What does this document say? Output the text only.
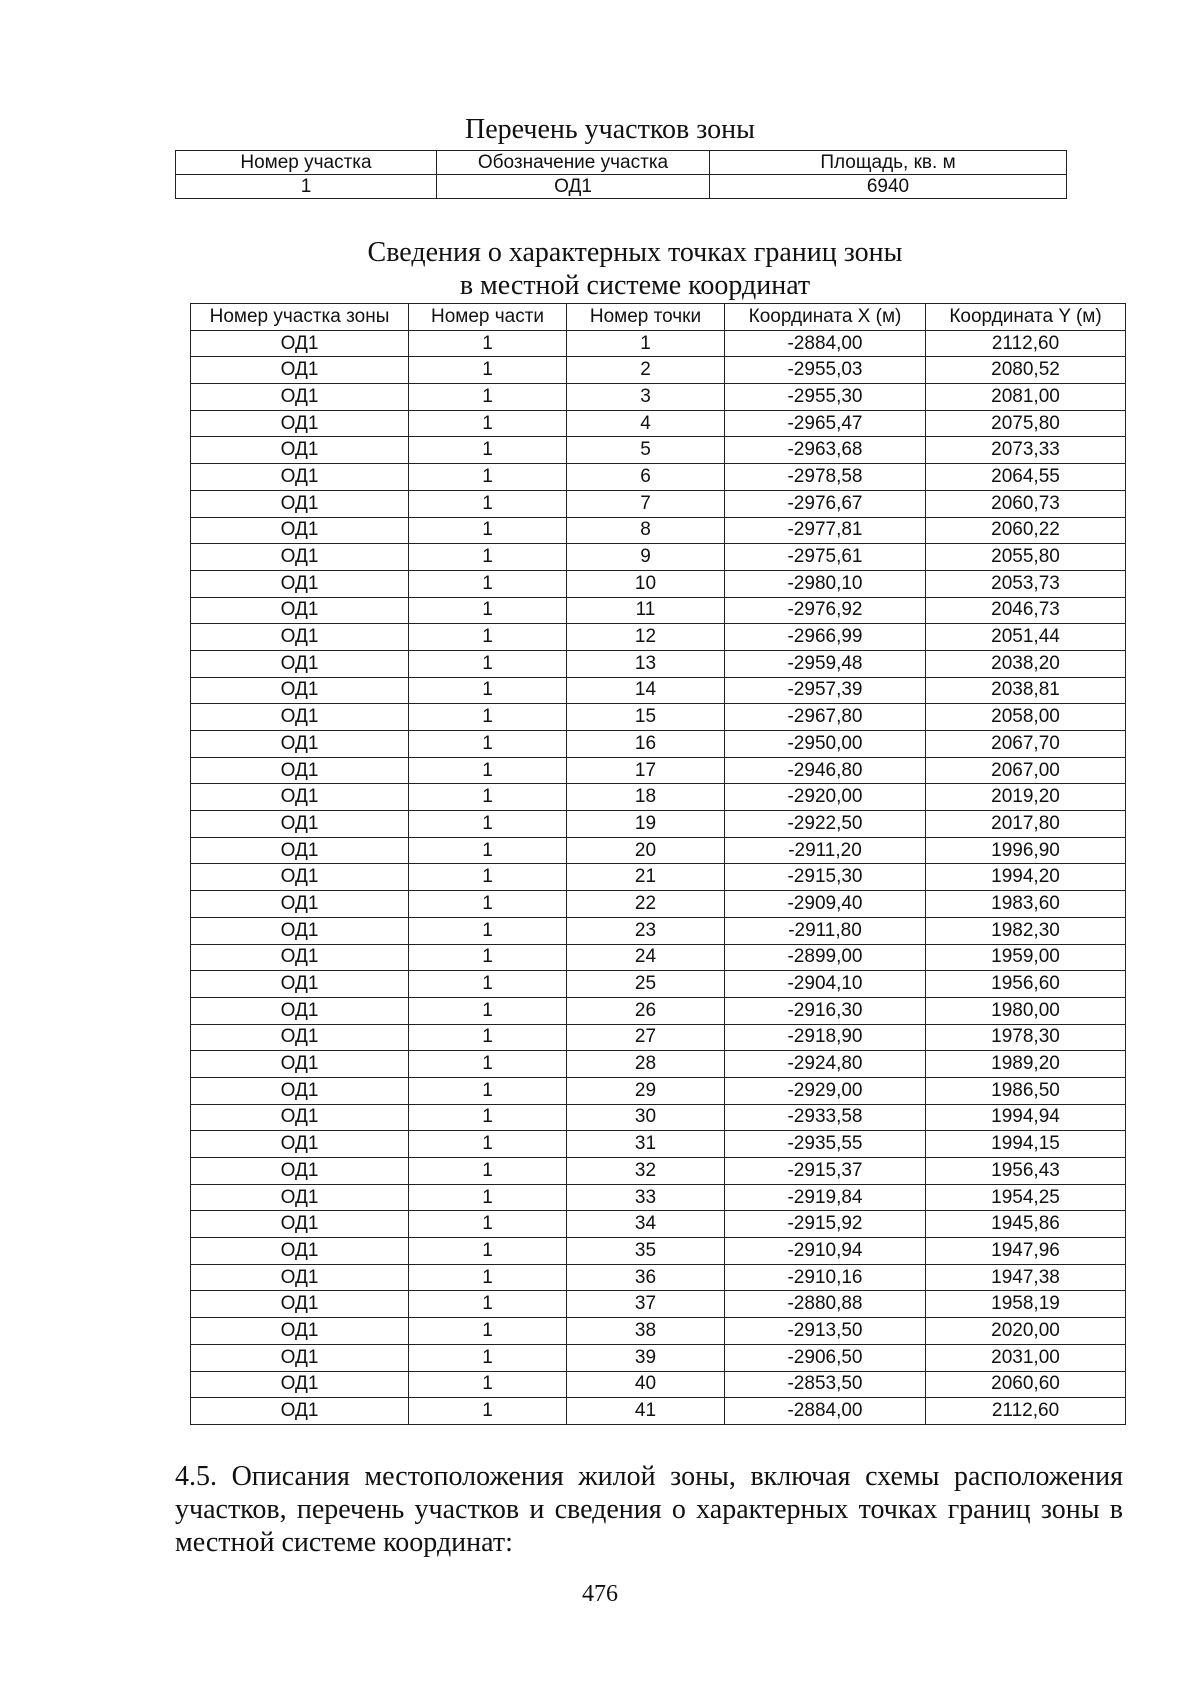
Перечень участков зоны
Номер участка	Обозначение участка	Площадь, кв. м
1	ОД1	6940
Сведения о характерных точках границ зоны
в местной системе координат
Номер участка зоны	Номер части	Номер точки	Координата X (м)	Координата Y (м)
ОД1	1	1	-2884,00	2112,60
ОД1	1	2	-2955,03	2080,52
ОД1	1	3	-2955,30	2081,00
ОД1	1	4	-2965,47	2075,80
ОД1	1	5	-2963,68	2073,33
ОД1	1	6	-2978,58	2064,55
ОД1	1	7	-2976,67	2060,73
ОД1	1	8	-2977,81	2060,22
ОД1	1	9	-2975,61	2055,80
ОД1	1	10	-2980,10	2053,73
ОД1	1	11	-2976,92	2046,73
ОД1	1	12	-2966,99	2051,44
ОД1	1	13	-2959,48	2038,20
ОД1	1	14	-2957,39	2038,81
ОД1	1	15	-2967,80	2058,00
ОД1	1	16	-2950,00	2067,70
ОД1	1	17	-2946,80	2067,00
ОД1	1	18	-2920,00	2019,20
ОД1	1	19	-2922,50	2017,80
ОД1	1	20	-2911,20	1996,90
ОД1	1	21	-2915,30	1994,20
ОД1	1	22	-2909,40	1983,60
ОД1	1	23	-2911,80	1982,30
ОД1	1	24	-2899,00	1959,00
ОД1	1	25	-2904,10	1956,60
ОД1	1	26	-2916,30	1980,00
ОД1	1	27	-2918,90	1978,30
ОД1	1	28	-2924,80	1989,20
ОД1	1	29	-2929,00	1986,50
ОД1	1	30	-2933,58	1994,94
ОД1	1	31	-2935,55	1994,15
ОД1	1	32	-2915,37	1956,43
ОД1	1	33	-2919,84	1954,25
ОД1	1	34	-2915,92	1945,86
ОД1	1	35	-2910,94	1947,96
ОД1	1	36	-2910,16	1947,38
ОД1	1	37	-2880,88	1958,19
ОД1	1	38	-2913,50	2020,00
ОД1	1	39	-2906,50	2031,00
ОД1	1	40	-2853,50	2060,60
ОД1	1	41	-2884,00	2112,60
4.5. Описания местоположения жилой зоны, включая схемы расположения участков, перечень участков и сведения о характерных точках границ зоны в местной системе координат:
476
